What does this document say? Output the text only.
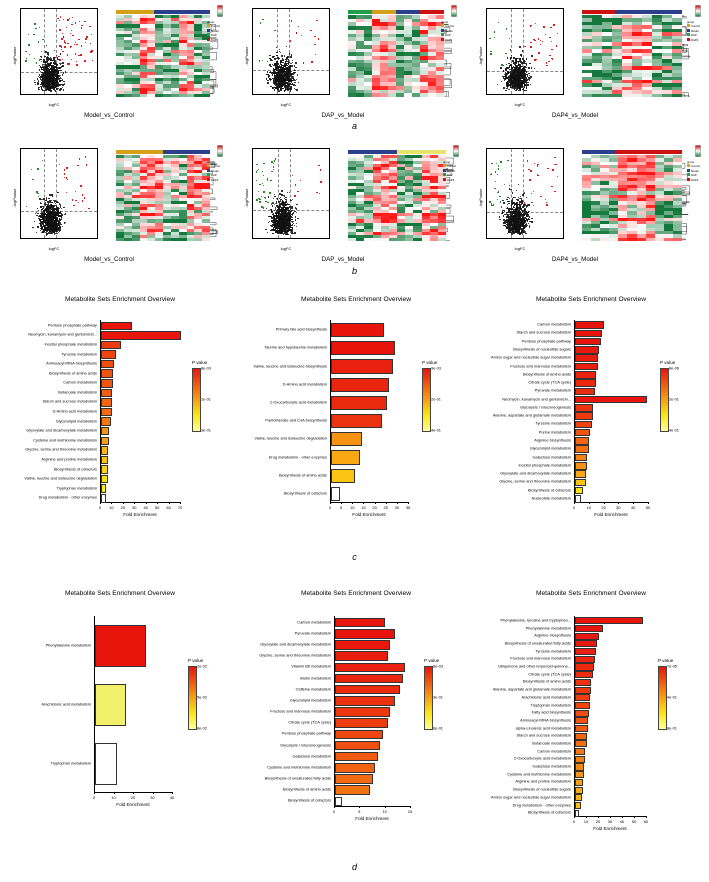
-logPvalue
logFC
group
Control
Model
DAP
DAP4
Model_vs_Control
-logPvalue
logFC
group
Control
Model
DAP
DAP4
DAP_vs_Model
-logPvalue
logFC
group
Control
Model
DAP
DAP4
DAP4_vs_Model
a
-logPvalue
logFC
group
Control
Model
DAP
DAP4
Model_vs_Control
-logPvalue
logFC
group
Control
Model
DAP
DAP4
DAP_vs_Model
-logPvalue
logFC
group
Control
Model
DAP
DAP4
DAP4_vs_Model
b
Metabolite Sets Enrichment Overview
Pentose phosphate pathway
Neomycin, kanamycin and gentamicin...
Inositol phosphate metabolism
Tyrosine metabolism
Aminoacyl-tRNA biosynthesis
Biosynthesis of amino acids
Carbon metabolism
Butanoate metabolism
Starch and sucrose metabolism
D-Amino acid metabolism
Glycerolipid metabolism
Glyoxylate and dicarboxylate metabolism
Cysteine and methionine metabolism
Glycine, serine and threonine metabolism
Arginine and proline metabolism
Biosynthesis of cofactors
Valine, leucine and isoleucine degradation
Tryptophan metabolism
Drug metabolism - other enzymes
0 10 20 30 40 50 60 70
Fold Enrichment
P value
8e-03
1e-01
3e-01
Metabolite Sets Enrichment Overview
Primary bile acid biosynthesis
Taurine and hypotaurine metabolism
Valine, leucine and isoleucine biosynthesis
D-Amino acid metabolism
2-Oxocarboxylic acid metabolism
Pantothenate and CoA biosynthesis
Valine, leucine and isoleucine degradation
Drug metabolism - other enzymes
Biosynthesis of amino acids
Biosynthesis of cofactors
0 5 10 15 20 25 30 35
Fold Enrichment
P value
9e-03
2e-01
4e-01
Metabolite Sets Enrichment Overview
Carbon metabolism
Starch and sucrose metabolism
Pentose phosphate pathway
Biosynthesis of nucleotide sugars
Amino sugar and nucleotide sugar metabolism
Fructose and mannose metabolism
Biosynthesis of amino acids
Citrate cycle (TCA cycle)
Pyruvate metabolism
Neomycin, kanamycin and gentamicin...
Glycolysis / Gluconeogenesis
Alanine, aspartate and glutamate metabolism
Tyrosine metabolism
Purine metabolism
Arginine biosynthesis
Glycerolipid metabolism
Galactose metabolism
Inositol phosphate metabolism
Glyoxylate and dicarboxylate metabolism
Glycine, serine and threonine metabolism
Biosynthesis of cofactors
Nucleotide metabolism
0	10	20	30	40	50
Fold Enrichment
P value
8e-06
2e-01
4e-01
c
Metabolite Sets Enrichment Overview
Phenylalanine metabolism
Arachidonic acid metabolism
Tryptophan metabolism
0	10	20	30	40
Fold Enrichment
P value
2e-02
5e-02
8e-02
Metabolite Sets Enrichment Overview
Carbon metabolism
Pyruvate metabolism
Glyoxylate and dicarboxylate metabolism
Glycine, serine and threonine metabolism
Vitamin B6 metabolism
Biotin metabolism
Caffeine metabolism
Glycerolipid metabolism
Fructose and mannose metabolism
Citrate cycle (TCA cycle)
Pentose phosphate pathway
Glycolysis / Gluconeogenesis
Galactose metabolism
Cysteine and methionine metabolism
Biosynthesis of unsaturated fatty acids
Biosynthesis of amino acids
Biosynthesis of cofactors
0	5	10	15
Fold Enrichment
P value
6e-03
3e-01
6e-01
Metabolite Sets Enrichment Overview
Phenylalanine, tyrosine and tryptophan...
Phenylalanine metabolism
Arginine biosynthesis
Biosynthesis of unsaturated fatty acids
Tyrosine metabolism
Fructose and mannose metabolism
Ubiquinone and other terpenoid-quinone...
Citrate cycle (TCA cycle)
Biosynthesis of amino acids
Alanine, aspartate and glutamate metabolism
Arachidonic acid metabolism
Tryptophan metabolism
Fatty acid biosynthesis
Aminoacyl-tRNA biosynthesis
alpha-Linolenic acid metabolism
Starch and sucrose metabolism
Butanoate metabolism
Carbon metabolism
2-Oxocarboxylic acid metabolism
Galactose metabolism
Cysteine and methionine metabolism
Arginine and proline metabolism
Biosynthesis of nucleotide sugars
Amino sugar and nucleotide sugar metabolism
Drug metabolism - other enzymes
Biosynthesis of cofactors
0 10 20 30 40 50 60
Fold Enrichment
P value
7e-06
4e-01
8e-01
d
